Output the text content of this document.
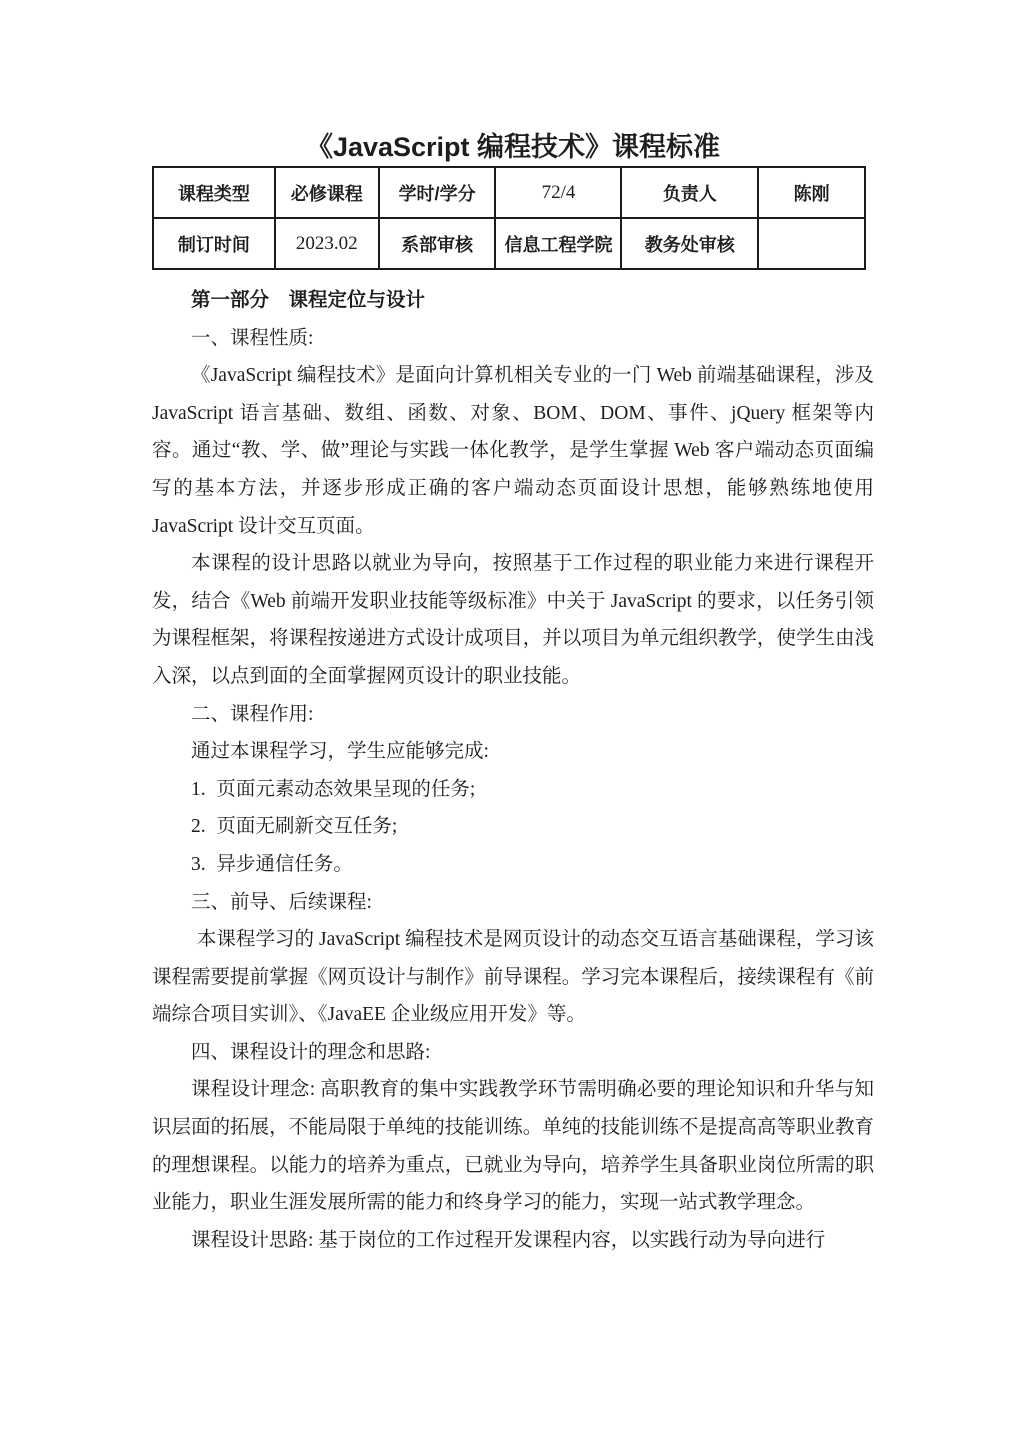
《JavaScript 编程技术》课程标准
课程类型	必修课程	学时/学分	72/4	负责人	陈刚
制订时间	2023.02	系部审核	信息工程学院	教务处审核	

第一部分　课程定位与设计

一、课程性质:

《JavaScript 编程技术》是面向计算机相关专业的一门 Web 前端基础课程，涉及 JavaScript 语言基础、数组、函数、对象、BOM、DOM、事件、jQuery 框架等内容。通过“教、学、做”理论与实践一体化教学，是学生掌握 Web 客户端动态页面编写的基本方法，并逐步形成正确的客户端动态页面设计思想，能够熟练地使用 JavaScript 设计交互页面。

本课程的设计思路以就业为导向，按照基于工作过程的职业能力来进行课程开发，结合《Web 前端开发职业技能等级标准》中关于 JavaScript 的要求，以任务引领为课程框架，将课程按递进方式设计成项目，并以项目为单元组织教学，使学生由浅入深，以点到面的全面掌握网页设计的职业技能。

二、课程作用:

通过本课程学习，学生应能够完成:

1. 页面元素动态效果呈现的任务;

2. 页面无刷新交互任务;

3. 异步通信任务。

三、前导、后续课程:

本课程学习的 JavaScript 编程技术是网页设计的动态交互语言基础课程，学习该课程需要提前掌握《网页设计与制作》前导课程。学习完本课程后，接续课程有《前端综合项目实训》、《JavaEE 企业级应用开发》等。

四、课程设计的理念和思路:

课程设计理念: 高职教育的集中实践教学环节需明确必要的理论知识和升华与知识层面的拓展，不能局限于单纯的技能训练。单纯的技能训练不是提高高等职业教育的理想课程。以能力的培养为重点，已就业为导向，培养学生具备职业岗位所需的职业能力，职业生涯发展所需的能力和终身学习的能力，实现一站式教学理念。

课程设计思路: 基于岗位的工作过程开发课程内容，以实践行动为导向进行
